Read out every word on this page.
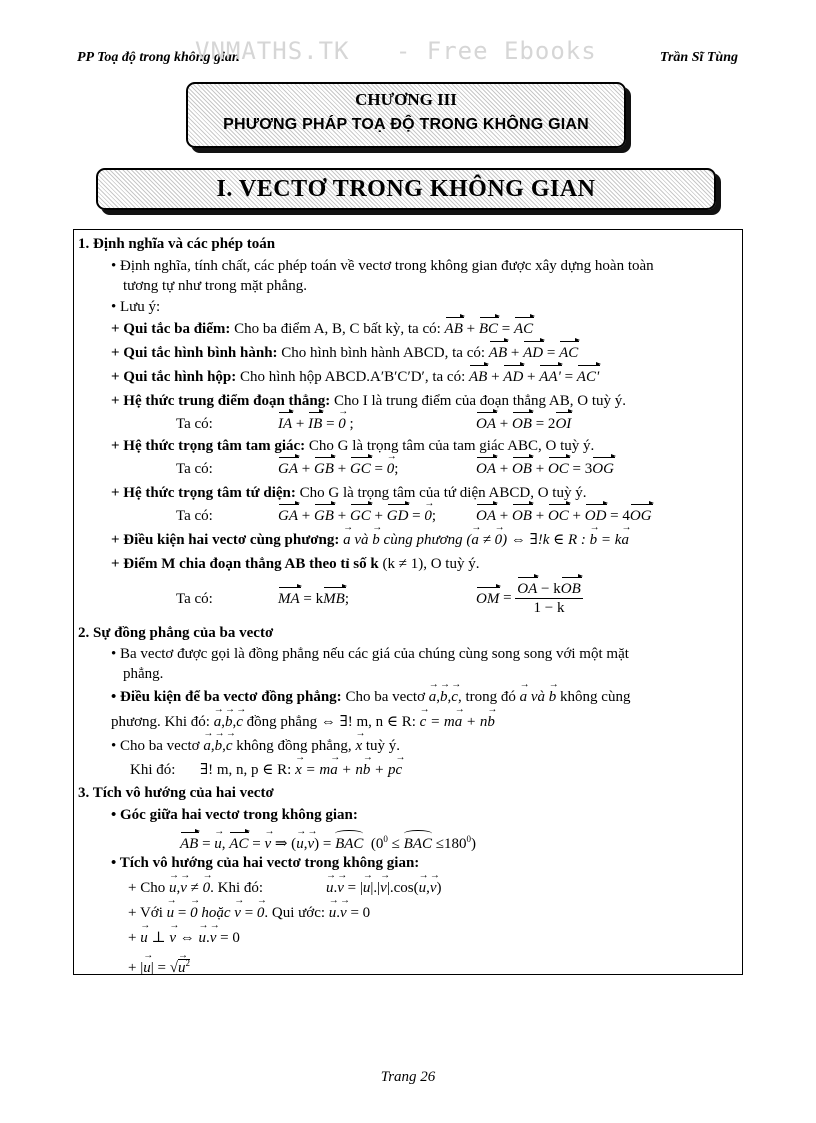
PP Toạ độ trong không gian
VNMATHS.TK   - Free Ebooks	Trần Sĩ Tùng
CHƯƠNG III
PHƯƠNG PHÁP TOẠ ĐỘ TRONG KHÔNG GIAN
I. VECTƠ TRONG KHÔNG GIAN
1. Định nghĩa và các phép toán
• Định nghĩa, tính chất, các phép toán về vectơ trong không gian được xây dựng hoàn toàn
tương tự như trong mặt phẳng.
• Lưu ý:
+ Qui tắc ba điểm: Cho ba điểm A, B, C bất kỳ, ta có: AB + BC = AC
+ Qui tắc hình bình hành: Cho hình bình hành ABCD, ta có: AB + AD = AC
+ Qui tắc hình hộp: Cho hình hộp ABCD.A′B′C′D′, ta có: AB + AD + AA' = AC'
+ Hệ thức trung điểm đoạn thẳng: Cho I là trung điểm của đoạn thẳng AB, O tuỳ ý.
Ta có:	IA + IB = 0 → ;	OA + OB = 2OI
+ Hệ thức trọng tâm tam giác: Cho G là trọng tâm của tam giác ABC, O tuỳ ý.
Ta có:	GA + GB + GC = 0 →;	OA + OB + OC = 3OG
+ Hệ thức trọng tâm tứ diện: Cho G là trọng tâm của tứ diện ABCD, O tuỳ ý.
Ta có:	GA + GB + GC + GD = 0 →;	OA + OB + OC + OD = 4OG
+ Điều kiện hai vectơ cùng phương: a → và b → cùng phương (a → ≠ 0 →) ⇔ ∃!k ∈ R : b → = ka →
+ Điểm M chia đoạn thẳng AB theo tỉ số k (k ≠ 1), O tuỳ ý.
Ta có:	MA = kMB;	OM = $\frac{\text{OA − kOB}}{1 - k}$
2. Sự đồng phẳng của ba vectơ
• Ba vectơ được gọi là đồng phẳng nếu các giá của chúng cùng song song với một mặt
phẳng.
• Điều kiện để ba vectơ đồng phẳng: Cho ba vectơ a →,b →,c →, trong đó a → và b → không cùng
phương. Khi đó: a →,b →,c → đồng phẳng ⇔ ∃! m, n ∈ R: c → = ma → + nb →
• Cho ba vectơ a →,b →,c → không đồng phẳng, x → tuỳ ý.
Khi đó: ∃! m, n, p ∈ R: x → = ma → + nb → + pc →
3. Tích vô hướng của hai vectơ
• Góc giữa hai vectơ trong không gian:
AB = u →, AC = v → ⇒ (u →,v →) = BAC  ($0^0$ ≤ BAC $\le 180^0$)
• Tích vô hướng của hai vectơ trong không gian:
+ Cho u →,v → ≠ 0 →. Khi đó:	u →.v → = |u →|.|v →|.cos(u →,v →)
+ Với u → = 0 → hoặc v → = 0 →. Qui ước: u →.v → = 0
+ u → ⊥ v → ⇔ u →.v → = 0
+ |u →| = √u →$^2$
Trang 26
